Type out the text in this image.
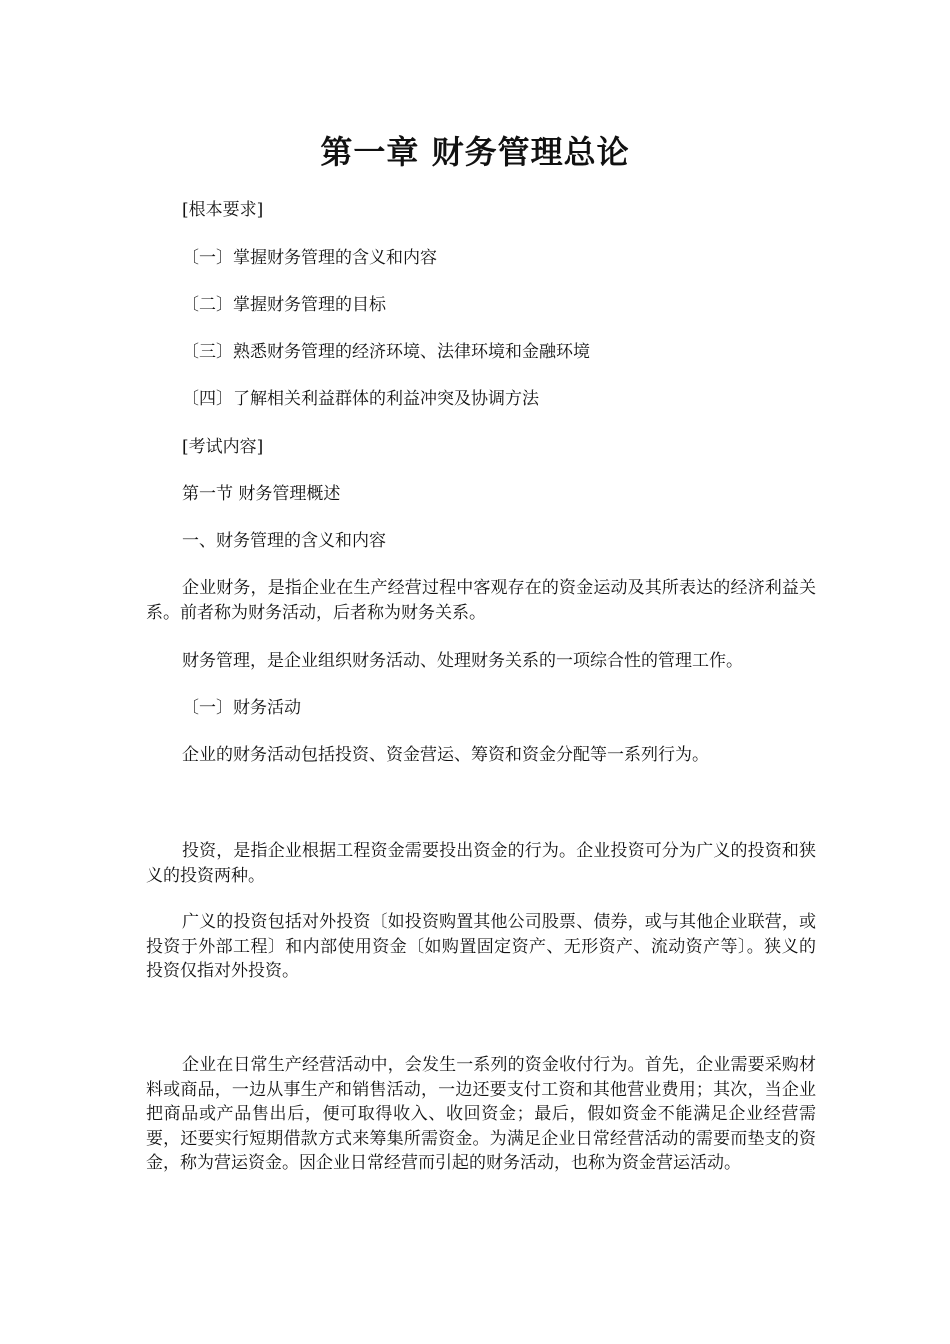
第一章 财务管理总论
[根本要求]
〔一〕掌握财务管理的含义和内容
〔二〕掌握财务管理的目标
〔三〕熟悉财务管理的经济环境、法律环境和金融环境
〔四〕了解相关利益群体的利益冲突及协调方法
[考试内容]
第一节 财务管理概述
一、财务管理的含义和内容
企业财务，是指企业在生产经营过程中客观存在的资金运动及其所表达的经济利益关系。前者称为财务活动，后者称为财务关系。
财务管理，是企业组织财务活动、处理财务关系的一项综合性的管理工作。
〔一〕财务活动
企业的财务活动包括投资、资金营运、筹资和资金分配等一系列行为。
投资，是指企业根据工程资金需要投出资金的行为。企业投资可分为广义的投资和狭义的投资两种。
广义的投资包括对外投资〔如投资购置其他公司股票、债券，或与其他企业联营，或投资于外部工程〕和内部使用资金〔如购置固定资产、无形资产、流动资产等〕。狭义的投资仅指对外投资。
企业在日常生产经营活动中，会发生一系列的资金收付行为。首先，企业需要采购材料或商品，一边从事生产和销售活动，一边还要支付工资和其他营业费用；其次，当企业把商品或产品售出后，便可取得收入、收回资金；最后，假如资金不能满足企业经营需要，还要实行短期借款方式来筹集所需资金。为满足企业日常经营活动的需要而垫支的资金，称为营运资金。因企业日常经营而引起的财务活动，也称为资金营运活动。
